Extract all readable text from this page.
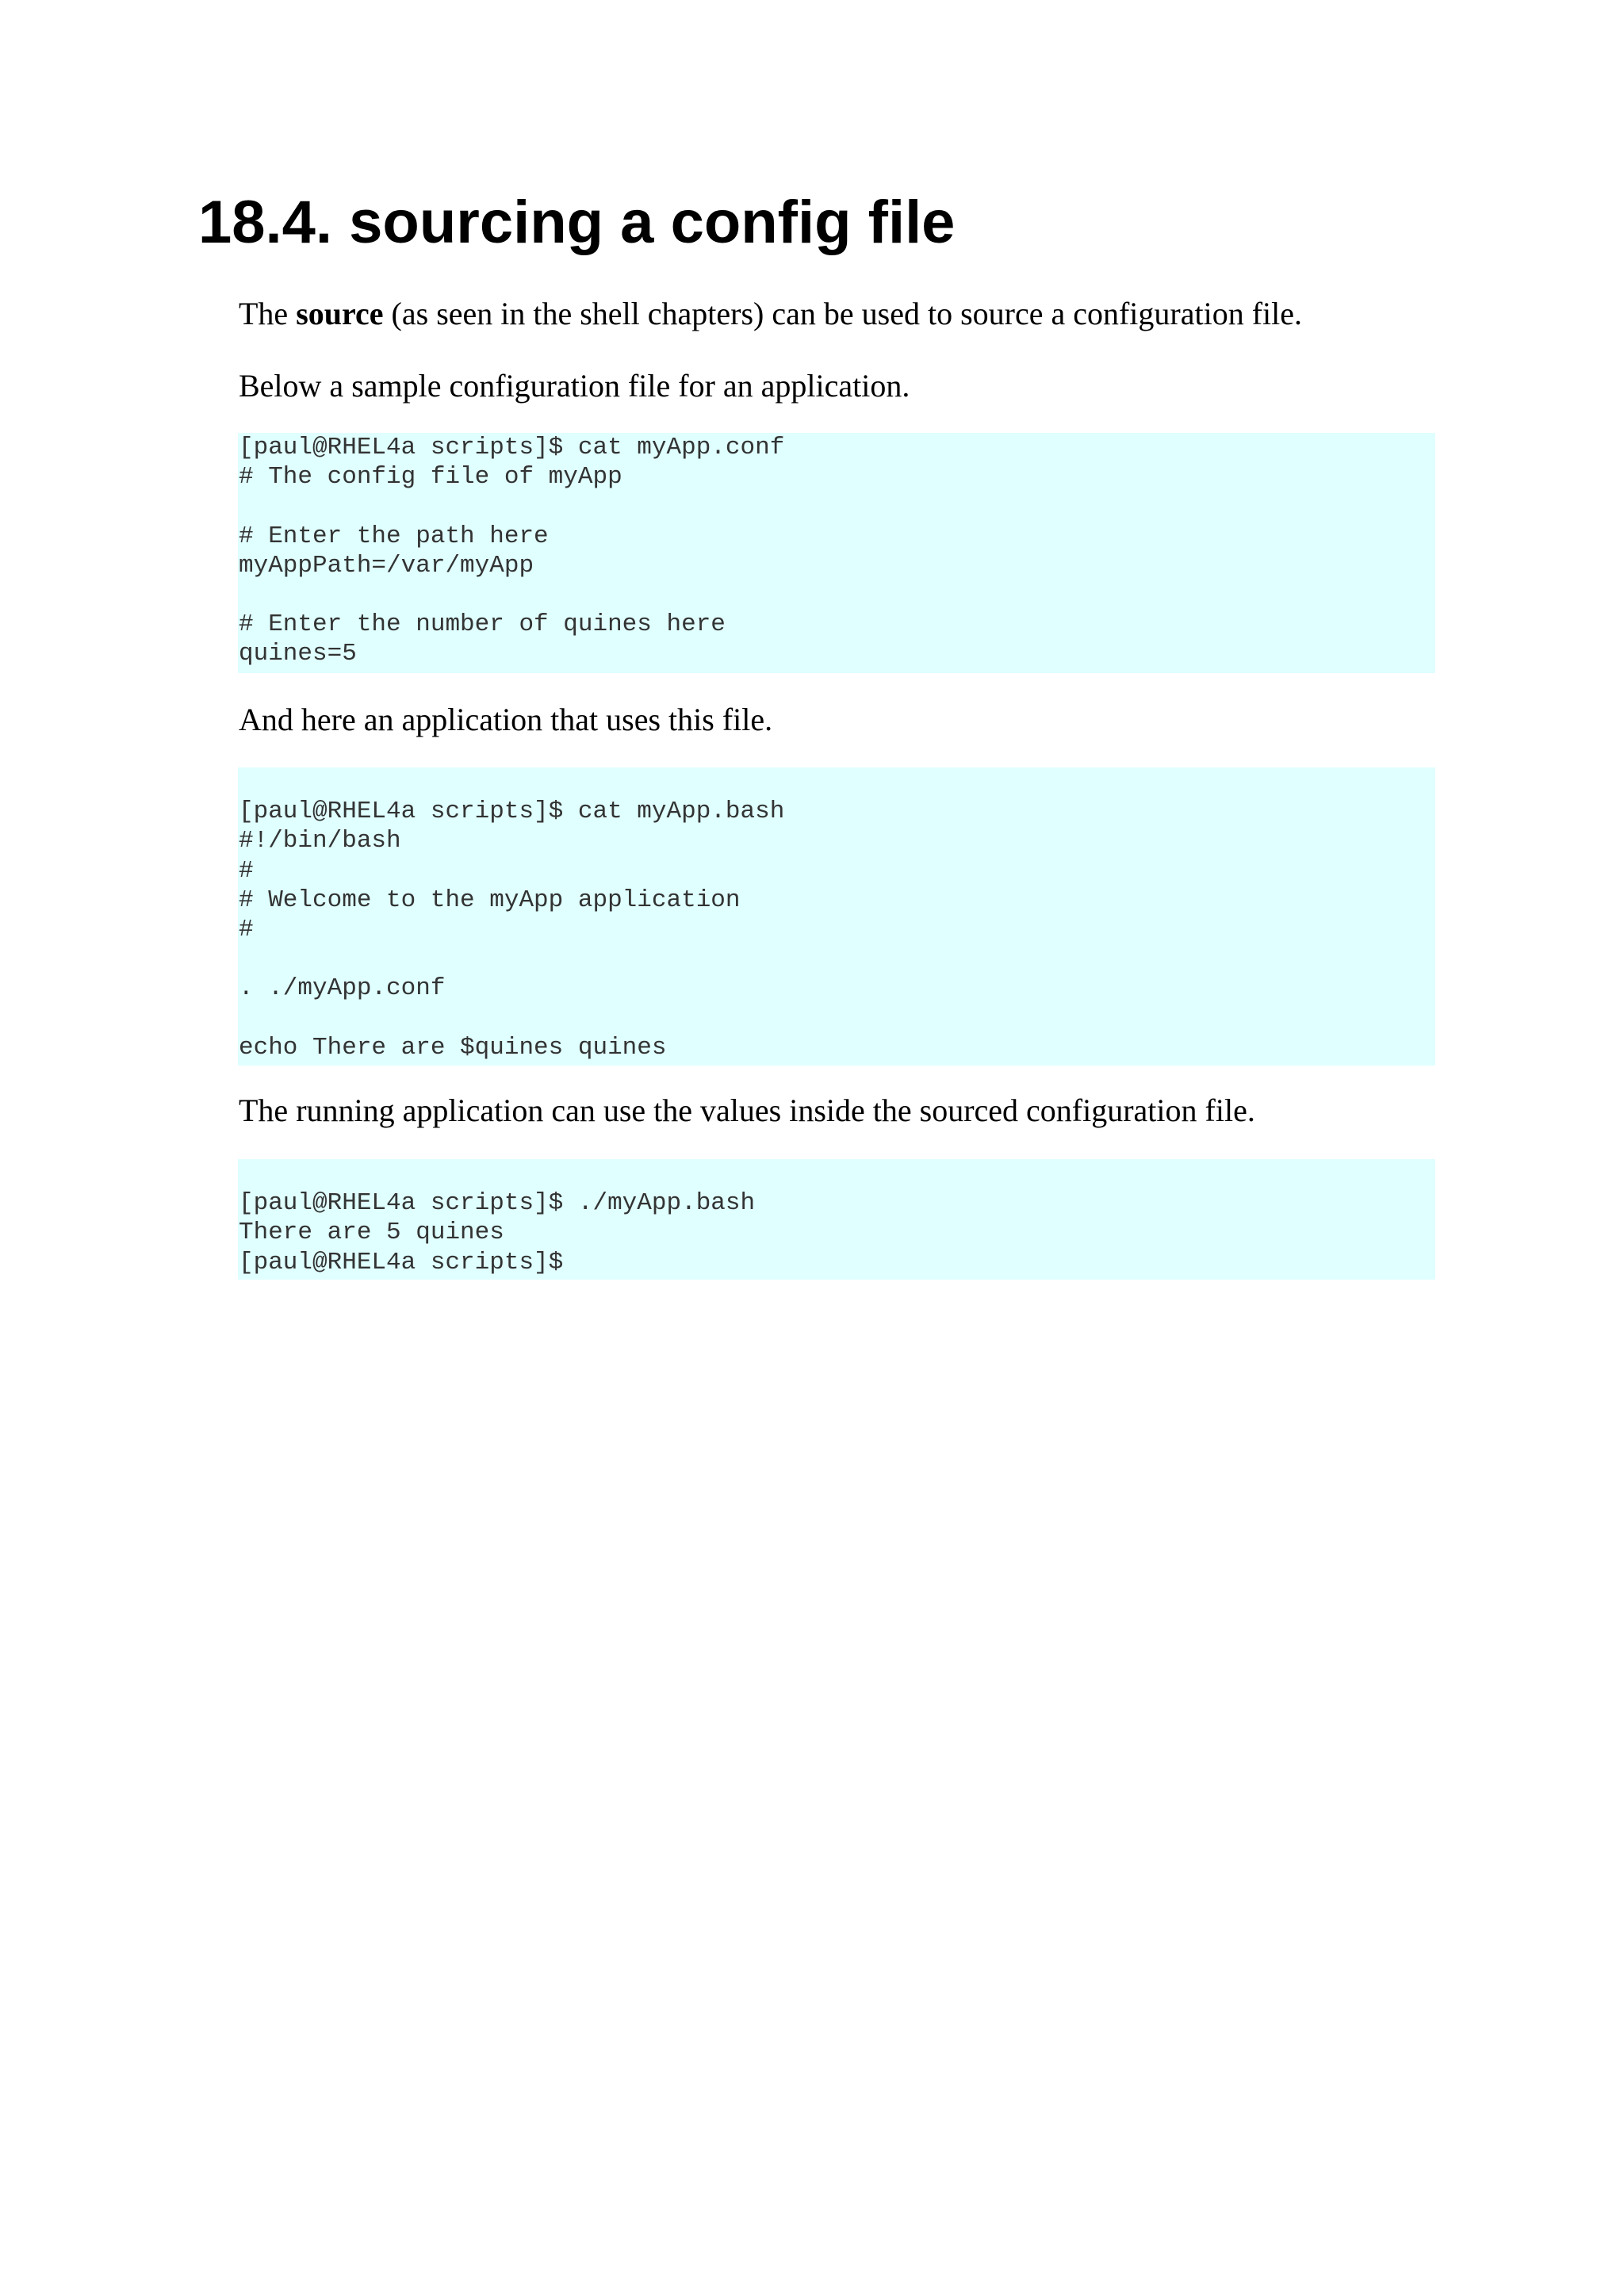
18.4. sourcing a config file

The source (as seen in the shell chapters) can be used to source a configuration file.

Below a sample configuration file for an application.

[paul@RHEL4a scripts]$ cat myApp.conf
# The config file of myApp
# Enter the path here
myAppPath=/var/myApp
# Enter the number of quines here
quines=5

And here an application that uses this file.

[paul@RHEL4a scripts]$ cat myApp.bash
#!/bin/bash
#
# Welcome to the myApp application
#
. ./myApp.conf
echo There are $quines quines

The running application can use the values inside the sourced configuration file.

[paul@RHEL4a scripts]$ ./myApp.bash
There are 5 quines
[paul@RHEL4a scripts]$
